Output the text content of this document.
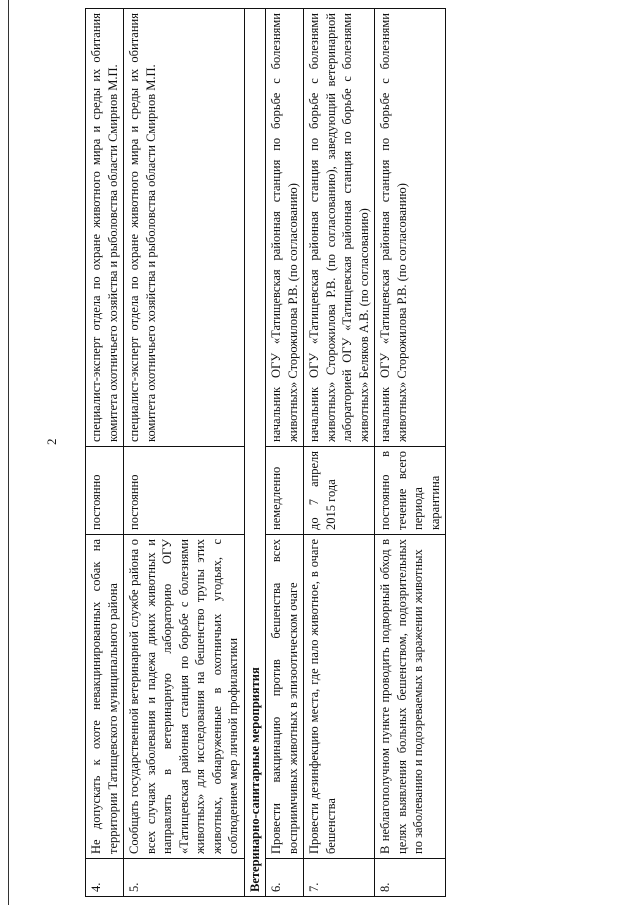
2
4.	Не допускать к охоте невакцинированных собак на территории Татищевского муниципального района	постоянно	специалист-эксперт отдела по охране животного мира и среды их обитания комитета охотничьего хозяйства и рыболовства области Смирнов М.П.
5.	Сообщать государственной ветеринарной службе района о всех случаях заболевания и падежа диких животных и направлять в ветеринарную лабораторию ОГУ «Татищевская районная станция по борьбе с болезнями животных» для исследования на бешенство трупы этих животных, обнаруженные в охотничьих угодьях, с соблюдением мер личной профилактики	постоянно	специалист-эксперт отдела по охране животного мира и среды их обитания комитета охотничьего хозяйства и рыболовства области Смирнов М.П.
Ветеринарно-санитарные мероприятия			
6.	Провести вакцинацию против бешенства всех восприимчивых животных в эпизоотическом очаге	немедленно	начальник ОГУ «Татищевская районная станция по борьбе с болезнями животных» Сторожилова Р.В. (по согласованию)
7.	Провести дезинфекцию места, где пало животное, в очаге бешенства	до 7 апреля 2015 года	начальник ОГУ «Татищевская районная станция по борьбе с болезнями животных» Сторожилова Р.В. (по согласованию), заведующий ветеринарной лабораторией ОГУ «Татищевская районная станция по борьбе с болезнями животных» Беляков А.В. (по согласованию)
8.	В неблагополучном пункте проводить подворный обход в целях выявления больных бешенством, подозрительных по заболеванию и подозреваемых в заражении животных	постоянно в течение всего периода карантина	начальник ОГУ «Татищевская районная станция по борьбе с болезнями животных» Сторожилова Р.В. (по согласованию)
